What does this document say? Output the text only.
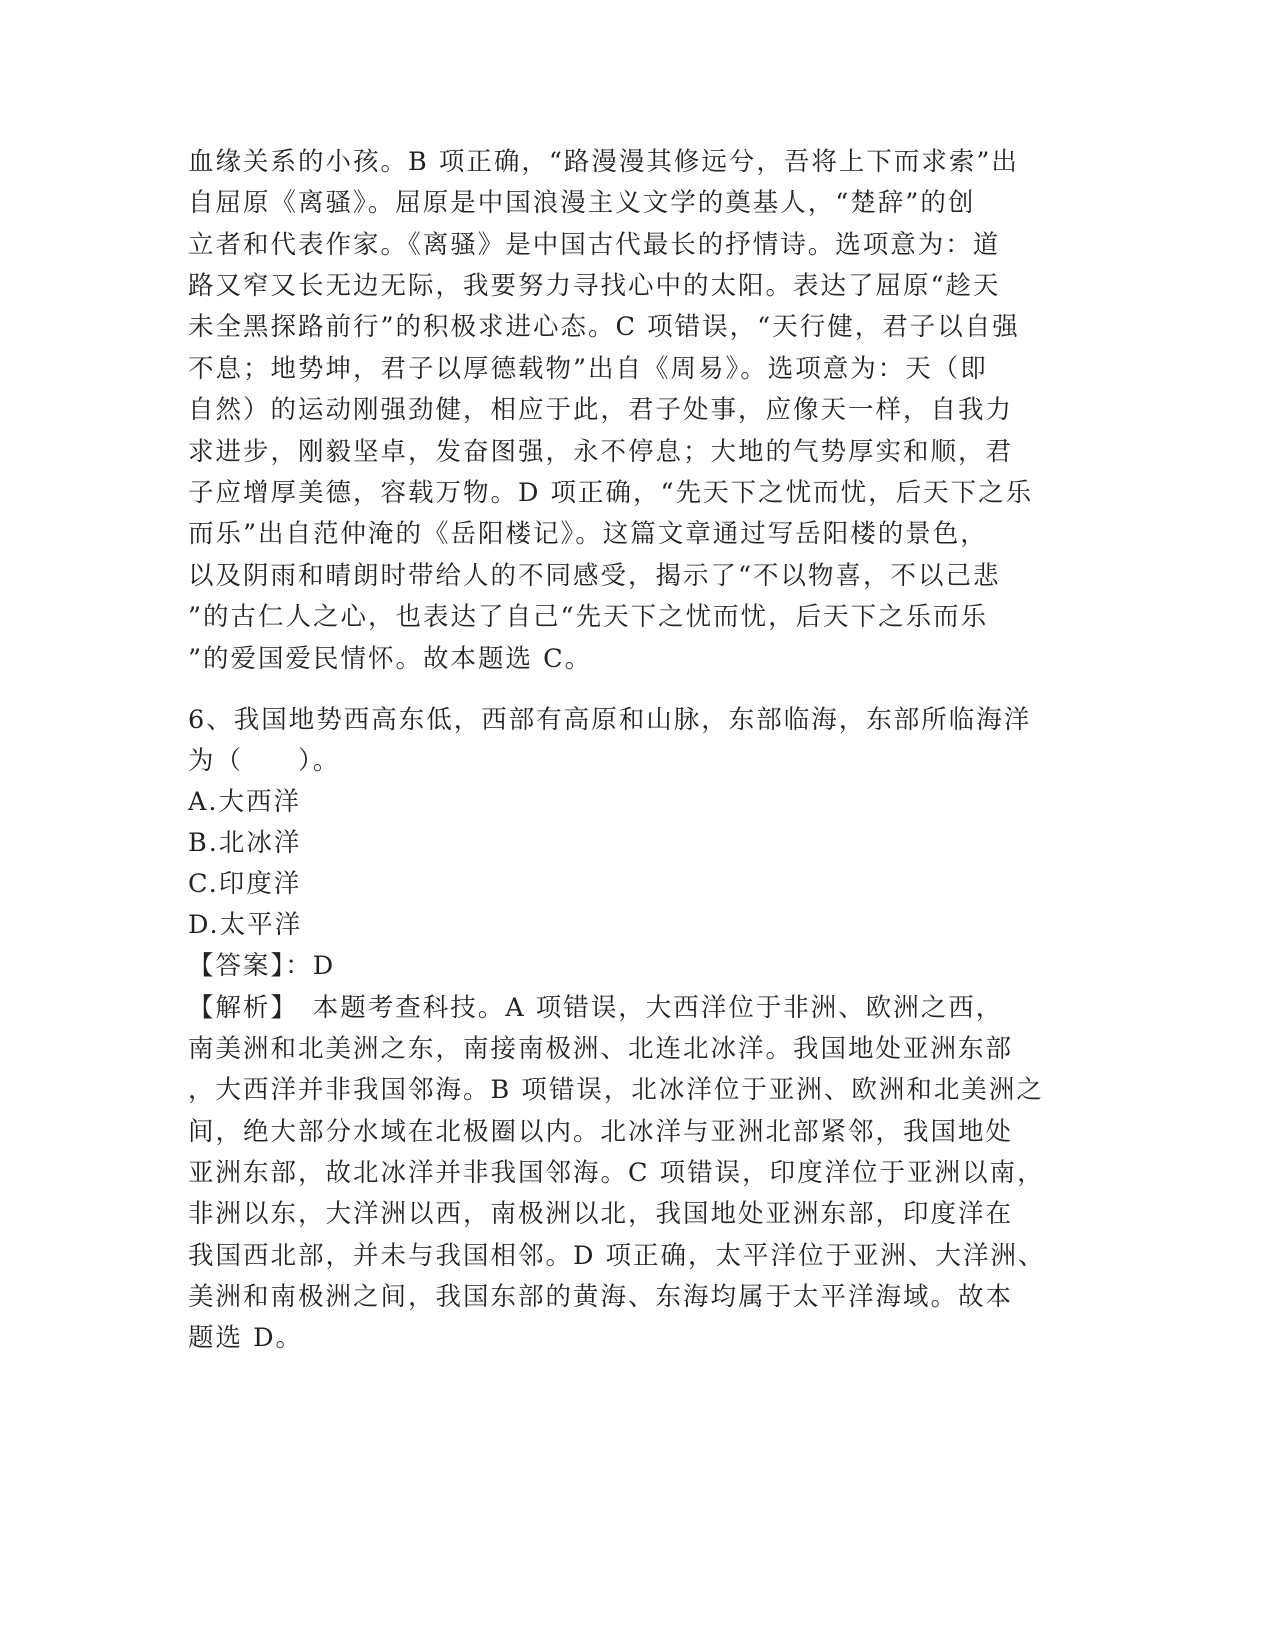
血缘关系的小孩。B 项正确，“路漫漫其修远兮，吾将上下而求索”出
自屈原《离骚》。屈原是中国浪漫主义文学的奠基人，“楚辞”的创
立者和代表作家。《离骚》是中国古代最长的抒情诗。选项意为：道
路又窄又长无边无际，我要努力寻找心中的太阳。表达了屈原“趁天
未全黑探路前行”的积极求进心态。C 项错误，“天行健，君子以自强
不息；地势坤，君子以厚德载物”出自《周易》。选项意为：天（即
自然）的运动刚强劲健，相应于此，君子处事，应像天一样，自我力
求进步，刚毅坚卓，发奋图强，永不停息；大地的气势厚实和顺，君
子应增厚美德，容载万物。D 项正确，“先天下之忧而忧，后天下之乐
而乐”出自范仲淹的《岳阳楼记》。这篇文章通过写岳阳楼的景色，
以及阴雨和晴朗时带给人的不同感受，揭示了“不以物喜，不以己悲
”的古仁人之心，也表达了自己“先天下之忧而忧，后天下之乐而乐
”的爱国爱民情怀。故本题选 C。
6、我国地势西高东低，西部有高原和山脉，东部临海，东部所临海洋
为（　　）。
A.大西洋
B.北冰洋
C.印度洋
D.太平洋
【答案】：D
【解析】　本题考查科技。A 项错误，大西洋位于非洲、欧洲之西，
南美洲和北美洲之东，南接南极洲、北连北冰洋。我国地处亚洲东部
，大西洋并非我国邻海。B 项错误，北冰洋位于亚洲、欧洲和北美洲之
间，绝大部分水域在北极圈以内。北冰洋与亚洲北部紧邻，我国地处
亚洲东部，故北冰洋并非我国邻海。C 项错误，印度洋位于亚洲以南，
非洲以东，大洋洲以西，南极洲以北，我国地处亚洲东部，印度洋在
我国西北部，并未与我国相邻。D 项正确，太平洋位于亚洲、大洋洲、
美洲和南极洲之间，我国东部的黄海、东海均属于太平洋海域。故本
题选 D。
